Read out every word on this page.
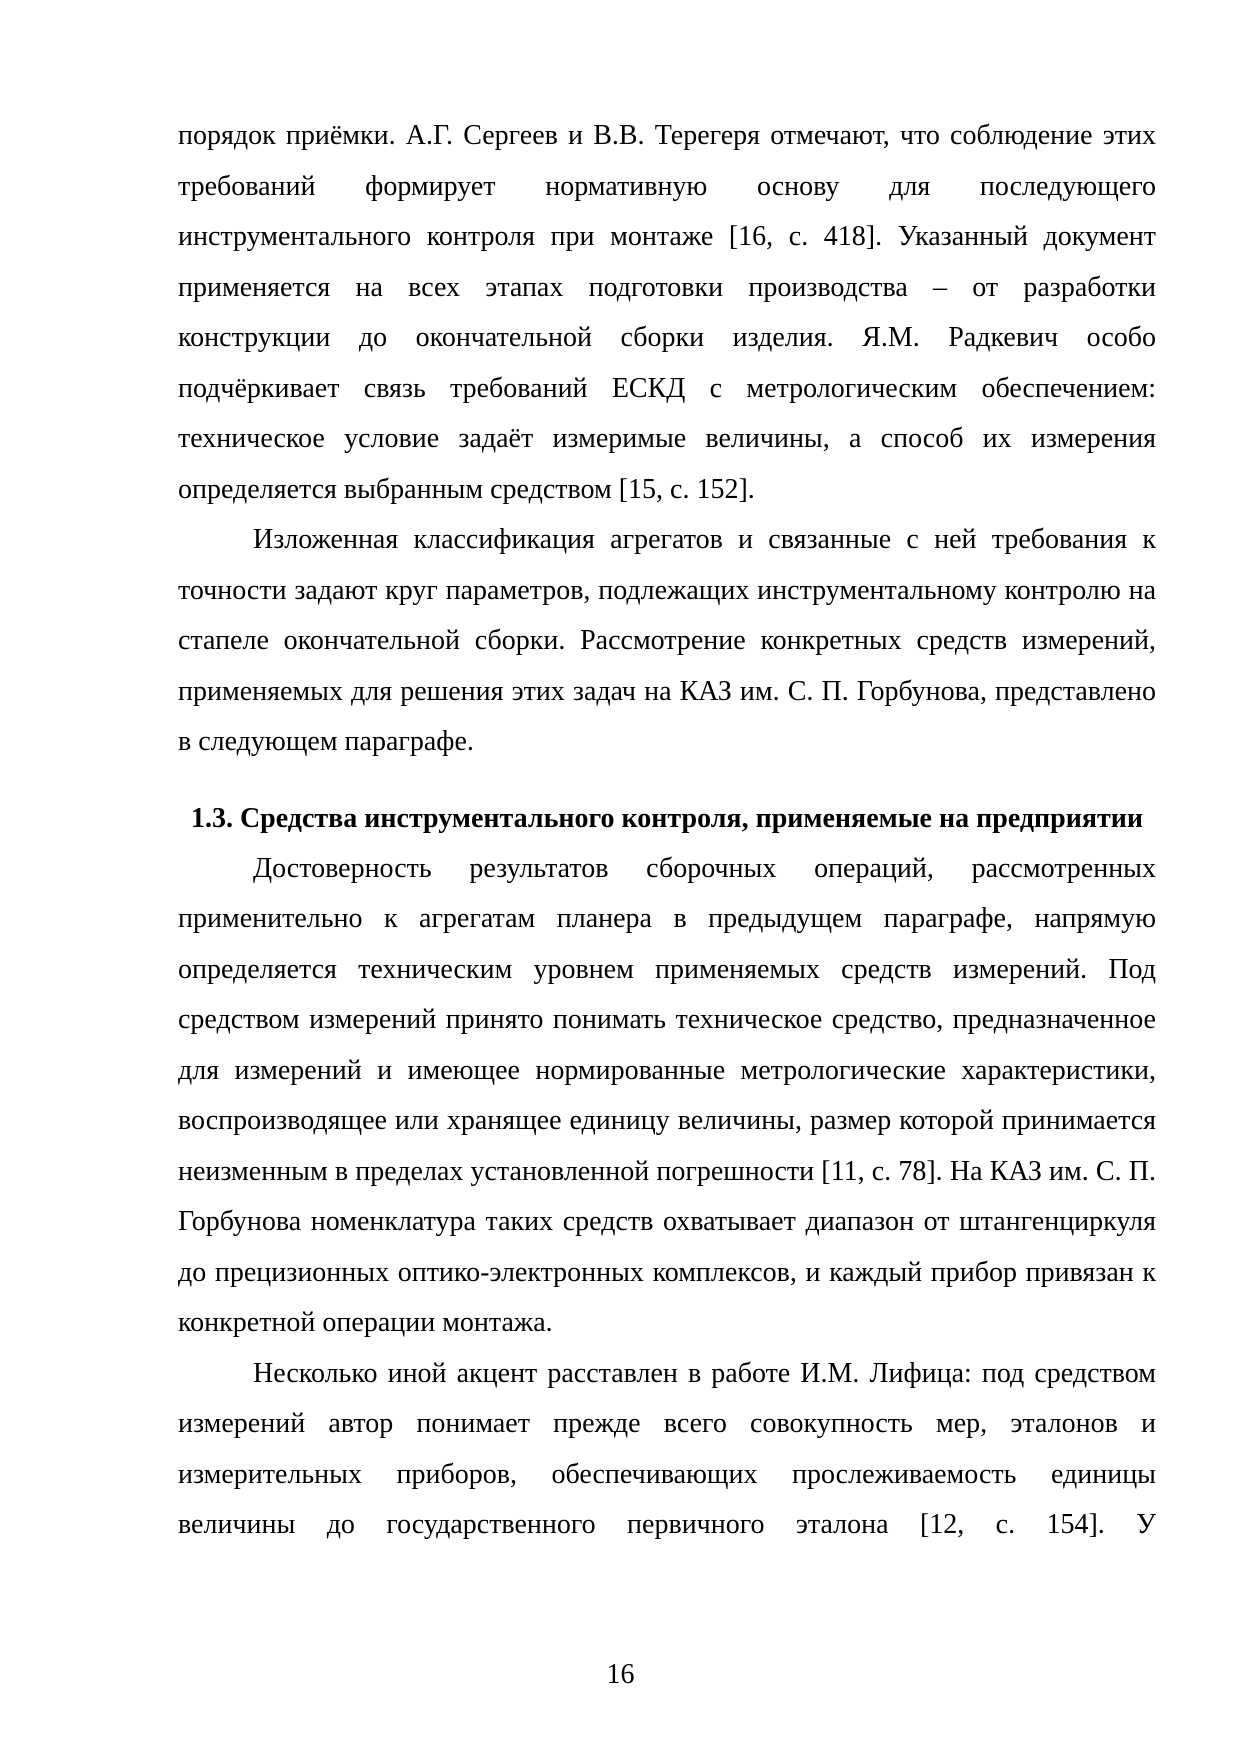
порядок приёмки. А.Г. Сергеев и В.В. Терегеря отмечают, что соблюдение этих требований формирует нормативную основу для последующего инструментального контроля при монтаже [16, с. 418]. Указанный документ применяется на всех этапах подготовки производства – от разработки конструкции до окончательной сборки изделия. Я.М. Радкевич особо подчёркивает связь требований ЕСКД с метрологическим обеспечением: техническое условие задаёт измеримые величины, а способ их измерения определяется выбранным средством [15, с. 152].

Изложенная классификация агрегатов и связанные с ней требования к точности задают круг параметров, подлежащих инструментальному контролю на стапеле окончательной сборки. Рассмотрение конкретных средств измерений, применяемых для решения этих задач на КАЗ им. С. П. Горбунова, представлено в следующем параграфе.

1.3. Средства инструментального контроля, применяемые на предприятии

Достоверность результатов сборочных операций, рассмотренных применительно к агрегатам планера в предыдущем параграфе, напрямую определяется техническим уровнем применяемых средств измерений. Под средством измерений принято понимать техническое средство, предназначенное для измерений и имеющее нормированные метрологические характеристики, воспроизводящее или хранящее единицу величины, размер которой принимается неизменным в пределах установленной погрешности [11, с. 78]. На КАЗ им. С. П. Горбунова номенклатура таких средств охватывает диапазон от штангенциркуля до прецизионных оптико-электронных комплексов, и каждый прибор привязан к конкретной операции монтажа.

Несколько иной акцент расставлен в работе И.М. Лифица: под средством измерений автор понимает прежде всего совокупность мер, эталонов и измерительных приборов, обеспечивающих прослеживаемость единицы величины до государственного первичного эталона [12, с. 154]. У

16
